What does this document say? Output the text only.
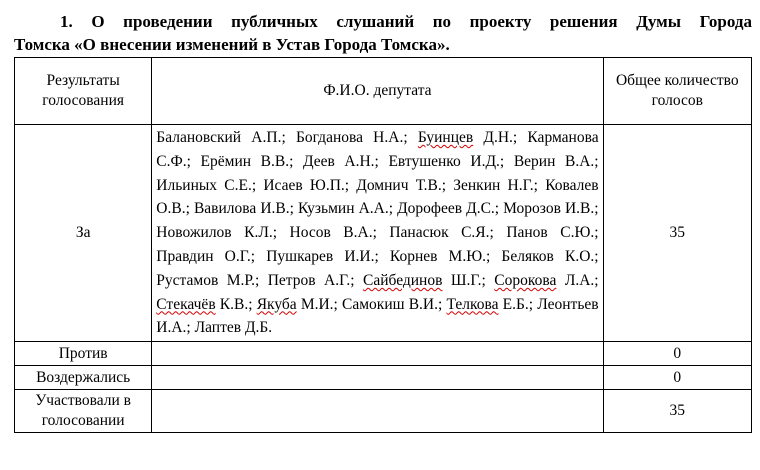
1. О проведении публичных слушаний по проекту решения Думы Города
Томска «О внесении изменений в Устав Города Томска».
Результаты голосования	Ф.И.О. депутата	Общее количество голосов
За	Балановский А.П.; Богданова Н.А.; Буинцев Д.Н.; Карманова С.Ф.; Ерёмин В.В.; Деев А.Н.; Евтушенко И.Д.; Верин В.А.; Ильиных С.Е.; Исаев Ю.П.; Домнич Т.В.; Зенкин Н.Г.; Ковалев О.В.; Вавилова И.В.; Кузьмин А.А.; Дорофеев Д.С.; Морозов И.В.; Новожилов К.Л.; Носов В.А.; Панасюк С.Я.; Панов С.Ю.; Правдин О.Г.; Пушкарев И.И.; Корнев М.Ю.; Беляков К.О.; Рустамов М.Р.; Петров А.Г.; Сайбединов Ш.Г.; Сорокова Л.А.; Стекачёв К.В.; Якуба М.И.; Самокиш В.И.; Телкова Е.Б.; Леонтьев И.А.; Лаптев Д.Б.	35
Против		0
Воздержались		0
Участвовали в голосовании		35
